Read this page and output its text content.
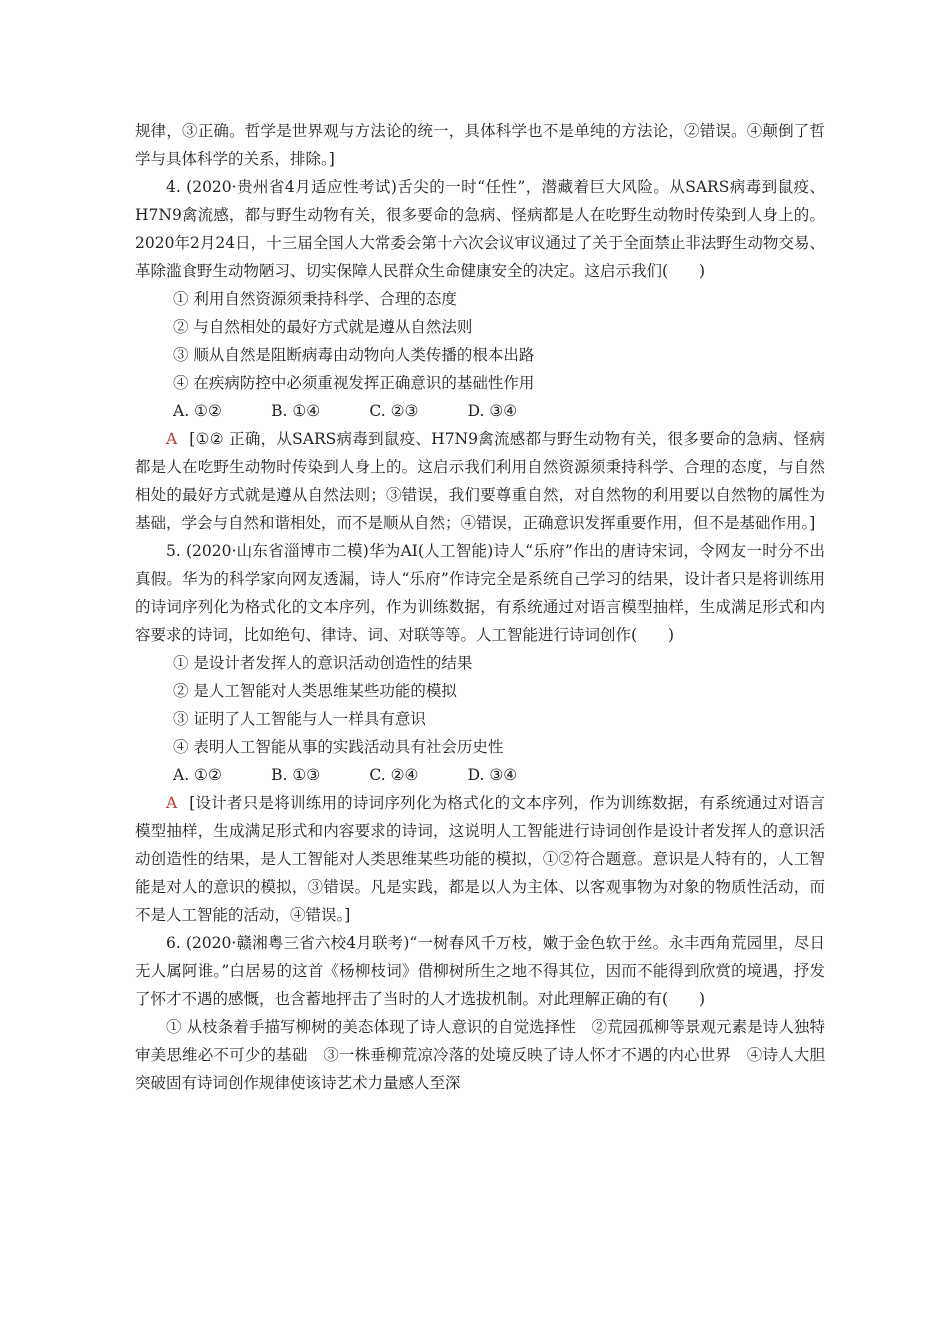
规律，③正确。哲学是世界观与方法论的统一，具体科学也不是单纯的方法论，②错误。④颠倒了哲学与具体科学的关系，排除。]

4. (2020·贵州省4月适应性考试)舌尖的一时“任性”，潜藏着巨大风险。从SARS病毒到鼠疫、H7N9禽流感，都与野生动物有关，很多要命的急病、怪病都是人在吃野生动物时传染到人身上的。2020年2月24日，十三届全国人大常委会第十六次会议审议通过了关于全面禁止非法野生动物交易、革除滥食野生动物陋习、切实保障人民群众生命健康安全的决定。这启示我们(　　)

① 利用自然资源须秉持科学、合理的态度

② 与自然相处的最好方式就是遵从自然法则

③ 顺从自然是阻断病毒由动物向人类传播的根本出路

④ 在疾病防控中必须重视发挥正确意识的基础性作用

A. ①②          B. ①④          C. ②③          D. ③④

A [①② 正确，从SARS病毒到鼠疫、H7N9禽流感都与野生动物有关，很多要命的急病、怪病都是人在吃野生动物时传染到人身上的。这启示我们利用自然资源须秉持科学、合理的态度，与自然相处的最好方式就是遵从自然法则；③错误，我们要尊重自然，对自然物的利用要以自然物的属性为基础，学会与自然和谐相处，而不是顺从自然；④错误，正确意识发挥重要作用，但不是基础作用。]

5. (2020·山东省淄博市二模)华为AI(人工智能)诗人“乐府”作出的唐诗宋词，令网友一时分不出真假。华为的科学家向网友透漏，诗人“乐府”作诗完全是系统自己学习的结果，设计者只是将训练用的诗词序列化为格式化的文本序列，作为训练数据，有系统通过对语言模型抽样，生成满足形式和内容要求的诗词，比如绝句、律诗、词、对联等等。人工智能进行诗词创作(　　)

① 是设计者发挥人的意识活动创造性的结果

② 是人工智能对人类思维某些功能的模拟

③ 证明了人工智能与人一样具有意识

④ 表明人工智能从事的实践活动具有社会历史性

A. ①②          B. ①③          C. ②④          D. ③④

A [设计者只是将训练用的诗词序列化为格式化的文本序列，作为训练数据，有系统通过对语言模型抽样，生成满足形式和内容要求的诗词，这说明人工智能进行诗词创作是设计者发挥人的意识活动创造性的结果，是人工智能对人类思维某些功能的模拟，①②符合题意。意识是人特有的，人工智能是对人的意识的模拟，③错误。凡是实践，都是以人为主体、以客观事物为对象的物质性活动，而不是人工智能的活动，④错误。]

6. (2020·赣湘粤三省六校4月联考)“一树春风千万枝，嫩于金色软于丝。永丰西角荒园里，尽日无人属阿谁。”白居易的这首《杨柳枝词》借柳树所生之地不得其位，因而不能得到欣赏的境遇，抒发了怀才不遇的感慨，也含蓄地抨击了当时的人才选拔机制。对此理解正确的有(　　)

① 从枝条着手描写柳树的美态体现了诗人意识的自觉选择性　②荒园孤柳等景观元素是诗人独特审美思维必不可少的基础　③一株垂柳荒凉冷落的处境反映了诗人怀才不遇的内心世界　④诗人大胆突破固有诗词创作规律使该诗艺术力量感人至深
